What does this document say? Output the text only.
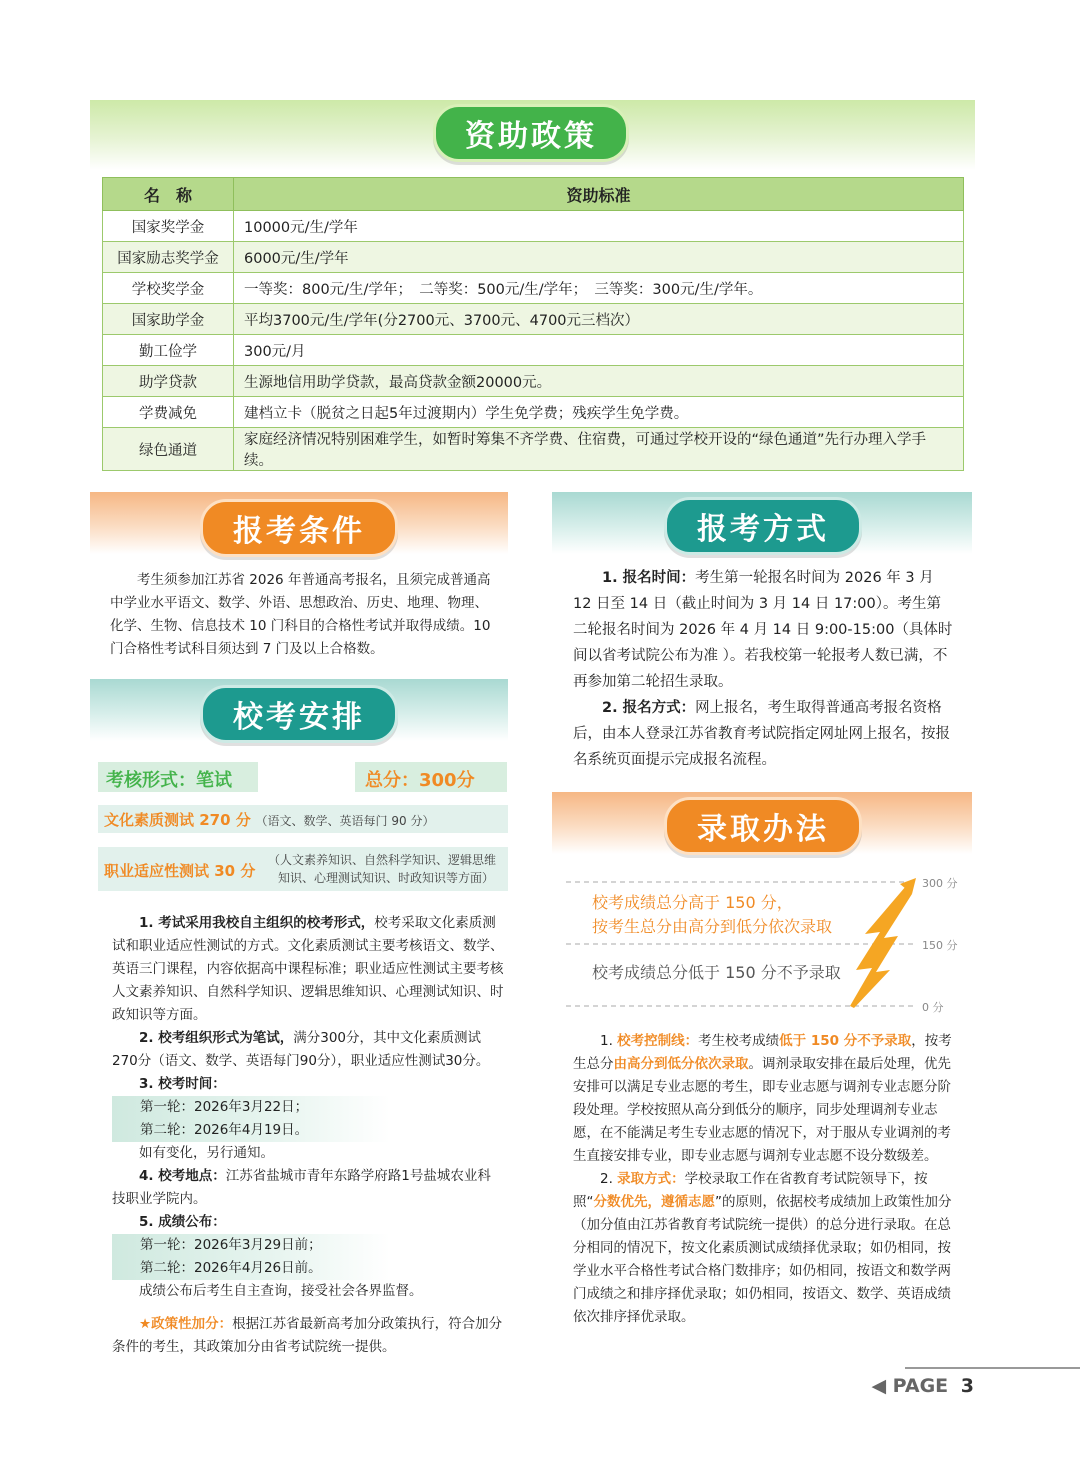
资助政策
名　称	资助标准
国家奖学金	10000元/生/学年
国家励志奖学金	6000元/生/学年
学校奖学金	一等奖：800元/生/学年；　二等奖：500元/生/学年；　三等奖：300元/生/学年。
国家助学金	平均3700元/生/学年(分2700元、3700元、4700元三档次）
勤工俭学	300元/月
助学贷款	生源地信用助学贷款，最高贷款金额20000元。
学费减免	建档立卡（脱贫之日起5年过渡期内）学生免学费；残疾学生免学费。
绿色通道	家庭经济情况特别困难学生，如暂时筹集不齐学费、住宿费，可通过学校开设的“绿色通道”先行办理入学手续。
报考条件
考生须参加江苏省 2026 年普通高考报名，且须完成普通高中学业水平语文、数学、外语、思想政治、历史、地理、物理、化学、生物、信息技术 10 门科目的合格性考试并取得成绩。10门合格性考试科目须达到 7 门及以上合格数。
校考安排
考核形式：笔试	总分：300分
文化素质测试 270 分 （语文、数学、英语每门 90 分）
职业适应性测试 30 分
（人文素养知识、自然科学知识、逻辑思维
知识、心理测试知识、时政知识等方面）

1. 考试采用我校自主组织的校考形式，校考采取文化素质测试和职业适应性测试的方式。文化素质测试主要考核语文、数学、英语三门课程，内容依据高中课程标准；职业适应性测试主要考核人文素养知识、自然科学知识、逻辑思维知识、心理测试知识、时政知识等方面。

2. 校考组织形式为笔试，满分300分，其中文化素质测试270分（语文、数学、英语每门90分），职业适应性测试30分。

3. 校考时间：

第一轮：2026年3月22日；

第二轮：2026年4月19日。

如有变化，另行通知。

4. 校考地点：江苏省盐城市青年东路学府路1号盐城农业科技职业学院内。

5. 成绩公布：

第一轮：2026年3月29日前；

第二轮：2026年4月26日前。

成绩公布后考生自主查询，接受社会各界监督。

★政策性加分：根据江苏省最新高考加分政策执行，符合加分条件的考生，其政策加分由省考试院统一提供。

报考方式

1. 报名时间：考生第一轮报名时间为 2026 年 3 月 12 日至 14 日（截止时间为 3 月 14 日 17:00）。考生第二轮报名时间为 2026 年 4 月 14 日 9:00-15:00（具体时间以省考试院公布为准 ）。若我校第一轮报考人数已满，不再参加第二轮招生录取。

2. 报名方式：网上报名，考生取得普通高考报名资格后，由本人登录江苏省教育考试院指定网址网上报名，按报名系统页面提示完成报名流程。

录取办法
300 分
150 分
0 分
校考成绩总分高于 150 分，
按考生总分由高分到低分依次录取
校考成绩总分低于 150 分不予录取

1. 校考控制线：考生校考成绩低于 150 分不予录取，按考生总分由高分到低分依次录取。调剂录取安排在最后处理，优先安排可以满足专业志愿的考生，即专业志愿与调剂专业志愿分阶段处理。学校按照从高分到低分的顺序，同步处理调剂专业志愿，在不能满足考生专业志愿的情况下，对于服从专业调剂的考生直接安排专业，即专业志愿与调剂专业志愿不设分数级差。

2. 录取方式：学校录取工作在省教育考试院领导下，按照“分数优先，遵循志愿”的原则，依据校考成绩加上政策性加分（加分值由江苏省教育考试院统一提供）的总分进行录取。在总分相同的情况下，按文化素质测试成绩择优录取；如仍相同，按学业水平合格性考试合格门数排序；如仍相同，按语文和数学两门成绩之和排序择优录取；如仍相同，按语文、数学、英语成绩依次排序择优录取。

◀ PAGE 3
